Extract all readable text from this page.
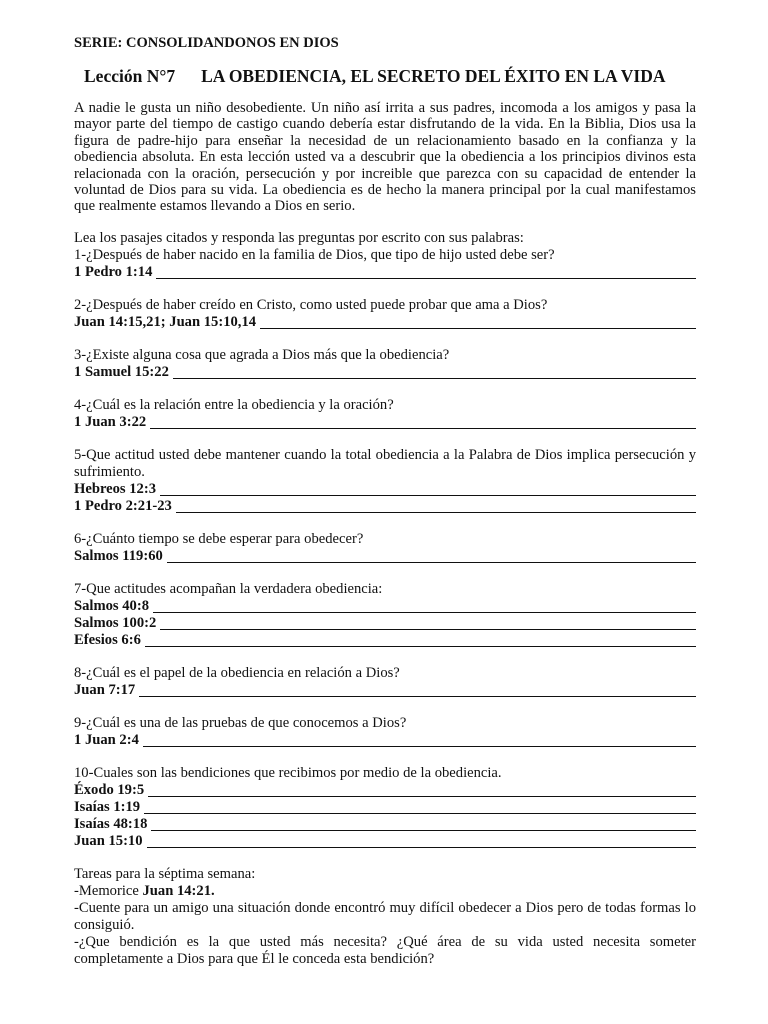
SERIE: CONSOLIDANDONOS EN DIOS
Lección N°7 LA OBEDIENCIA, EL SECRETO DEL ÉXITO EN LA VIDA

A nadie le gusta un niño desobediente. Un niño así irrita a sus padres, incomoda a los amigos y pasa la mayor parte del tiempo de castigo cuando debería estar disfrutando de la vida. En la Biblia, Dios usa la figura de padre-hijo para enseñar la necesidad de un relacionamiento basado en la confianza y la obediencia absoluta. En esta lección usted va a descubrir que la obediencia a los principios divinos esta relacionada con la oración, persecución y por increible que parezca con su capacidad de entender la voluntad de Dios para su vida. La obediencia es de hecho la manera principal por la cual manifestamos que realmente estamos llevando a Dios en serio.

Lea los pasajes citados y responda las preguntas por escrito con sus palabras:

1-¿Después de haber nacido en la familia de Dios, que tipo de hijo usted debe ser?

1 Pedro 1:14

2-¿Después de haber creído en Cristo, como usted puede probar que ama a Dios?

Juan 14:15,21; Juan 15:10,14

3-¿Existe alguna cosa que agrada a Dios más que la obediencia?

1 Samuel 15:22

4-¿Cuál es la relación entre la obediencia y la oración?

1 Juan 3:22

5-Que actitud usted debe mantener cuando la total obediencia a la Palabra de Dios implica persecución y sufrimiento.

Hebreos 12:3
1 Pedro 2:21-23

6-¿Cuánto tiempo se debe esperar para obedecer?

Salmos 119:60

7-Que actitudes acompañan la verdadera obediencia:

Salmos 40:8
Salmos 100:2
Efesios 6:6

8-¿Cuál es el papel de la obediencia en relación a Dios?

Juan 7:17

9-¿Cuál es una de las pruebas de que conocemos a Dios?

1 Juan 2:4

10-Cuales son las bendiciones que recibimos por medio de la obediencia.

Éxodo 19:5
Isaías 1:19
Isaías 48:18
Juan 15:10
Tareas para la séptima semana:
-Memorice Juan 14:21.
-Cuente para un amigo una situación donde encontró muy difícil obedecer a Dios pero de todas formas lo consiguió.
-¿Que bendición es la que usted más necesita? ¿Qué área de su vida usted necesita someter completamente a Dios para que Él le conceda esta bendición?
